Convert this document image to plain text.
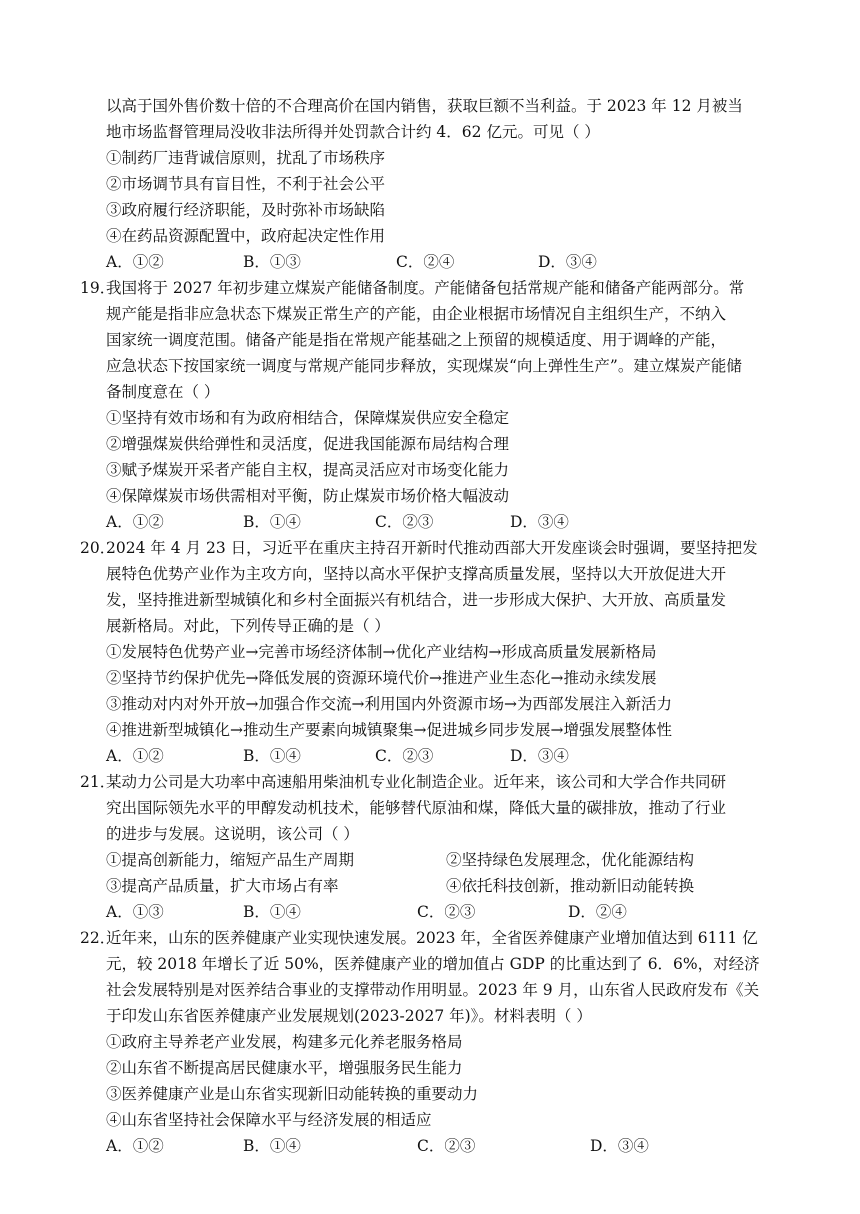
以高于国外售价数十倍的不合理高价在国内销售，获取巨额不当利益。于 2023 年 12 月被当
地市场监督管理局没收非法所得并处罚款合计约 4．62 亿元。可见（ ）
①制药厂违背诚信原则，扰乱了市场秩序
②市场调节具有盲目性，不利于社会公平
③政府履行经济职能，及时弥补市场缺陷
④在药品资源配置中，政府起决定性作用
A．①②	B．①③	C．②④	D．③④
19．
我国将于 2027 年初步建立煤炭产能储备制度。产能储备包括常规产能和储备产能两部分。常
规产能是指非应急状态下煤炭正常生产的产能，由企业根据市场情况自主组织生产，不纳入
国家统一调度范围。储备产能是指在常规产能基础之上预留的规模适度、用于调峰的产能，
应急状态下按国家统一调度与常规产能同步释放，实现煤炭“向上弹性生产”。建立煤炭产能储
备制度意在（ ）
①坚持有效市场和有为政府相结合，保障煤炭供应安全稳定
②增强煤炭供给弹性和灵活度，促进我国能源布局结构合理
③赋予煤炭开采者产能自主权，提高灵活应对市场变化能力
④保障煤炭市场供需相对平衡，防止煤炭市场价格大幅波动
A．①②	B．①④	C．②③	D．③④
20．
2024 年 4 月 23 日，习近平在重庆主持召开新时代推动西部大开发座谈会时强调，要坚持把发
展特色优势产业作为主攻方向，坚持以高水平保护支撑高质量发展，坚持以大开放促进大开
发，坚持推进新型城镇化和乡村全面振兴有机结合，进一步形成大保护、大开放、高质量发
展新格局。对此，下列传导正确的是（ ）
①发展特色优势产业→完善市场经济体制→优化产业结构→形成高质量发展新格局
②坚持节约保护优先→降低发展的资源环境代价→推进产业生态化→推动永续发展
③推动对内对外开放→加强合作交流→利用国内外资源市场→为西部发展注入新活力
④推进新型城镇化→推动生产要素向城镇聚集→促进城乡同步发展→增强发展整体性
A．①②	B．①④	C．②③	D．③④
21．
某动力公司是大功率中高速船用柴油机专业化制造企业。近年来，该公司和大学合作共同研
究出国际领先水平的甲醇发动机技术，能够替代原油和煤，降低大量的碳排放，推动了行业
的进步与发展。这说明，该公司（ ）
①提高创新能力，缩短产品生产周期	②坚持绿色发展理念，优化能源结构
③提高产品质量，扩大市场占有率	④依托科技创新，推动新旧动能转换
A．①③	B．①④	C．②③	D．②④
22．
近年来，山东的医养健康产业实现快速发展。2023 年，全省医养健康产业增加值达到 6111 亿
元，较 2018 年增长了近 50%，医养健康产业的增加值占 GDP 的比重达到了 6．6%，对经济
社会发展特别是对医养结合事业的支撑带动作用明显。2023 年 9 月，山东省人民政府发布《关
于印发山东省医养健康产业发展规划(2023-2027 年)》。材料表明（ ）
①政府主导养老产业发展，构建多元化养老服务格局
②山东省不断提高居民健康水平，增强服务民生能力
③医养健康产业是山东省实现新旧动能转换的重要动力
④山东省坚持社会保障水平与经济发展的相适应
A．①②	B．①④	C．②③	D．③④
